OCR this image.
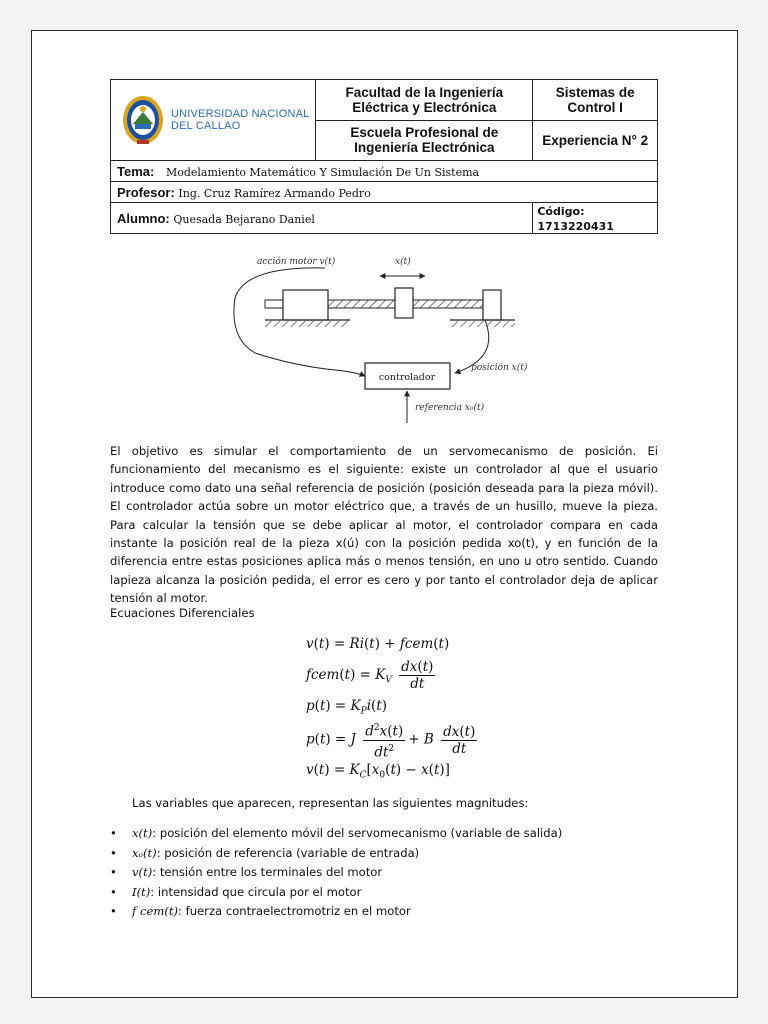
UNIVERSIDAD NACIONAL
DEL CALLAO	Facultad de la Ingeniería Eléctrica y Electrónica	Sistemas de Control I

	Escuela Profesional de Ingeniería Electrónica	Experiencia N° 2
Tema: Modelamiento Matemático Y Simulación De Un Sistema		
Profesor: Ing. Cruz Ramírez Armando Pedro		
Alumno: Quesada Bejarano Daniel		Código: 1713220431
acción motor v(t)	x(t)
controlador
posición x(t)
referencia x₀(t)
El objetivo es simular el comportamiento de un servomecanismo de posición. Ei funcionamiento del mecanismo es el siguiente: existe un controlador al que el usuario introduce como dato una señal referencia de posición (posición deseada para la pieza móvil). El controlador actúa sobre un motor eléctrico que, a través de un husillo, mueve la pieza. Para calcular la tensión que se debe aplicar al motor, el controlador compara en cada instante la posición real de la pieza x(ú) con la posición pedida xo(t), y en función de la diferencia entre estas posiciones aplica más o menos tensión, en uno u otro sentido. Cuando lapieza alcanza la posición pedida, el error es cero y por tanto el controlador deja de aplicar tensión al motor.
Ecuaciones Diferenciales
v(t) = Ri(t) + fcem(t)
fcem(t) = $K_V \frac{dx(t)}{dt}$
$p(t) = K_Pi(t)$
p(t) = J $\frac{d^2x(t)}{dt^2} + B \frac{dx(t)}{dt}$
$v(t) = K_C[x_0(t) - x(t)]$
Las variables que aparecen, representan las siguientes magnitudes:
• x(t): posición del elemento móvil del servomecanismo (variable de salida)
• xₒ(t): posición de referencia (variable de entrada)
• v(t): tensión entre los terminales del motor
• I(t): intensidad que circula por el motor
• f cem(t): fuerza contraelectromotriz en el motor
